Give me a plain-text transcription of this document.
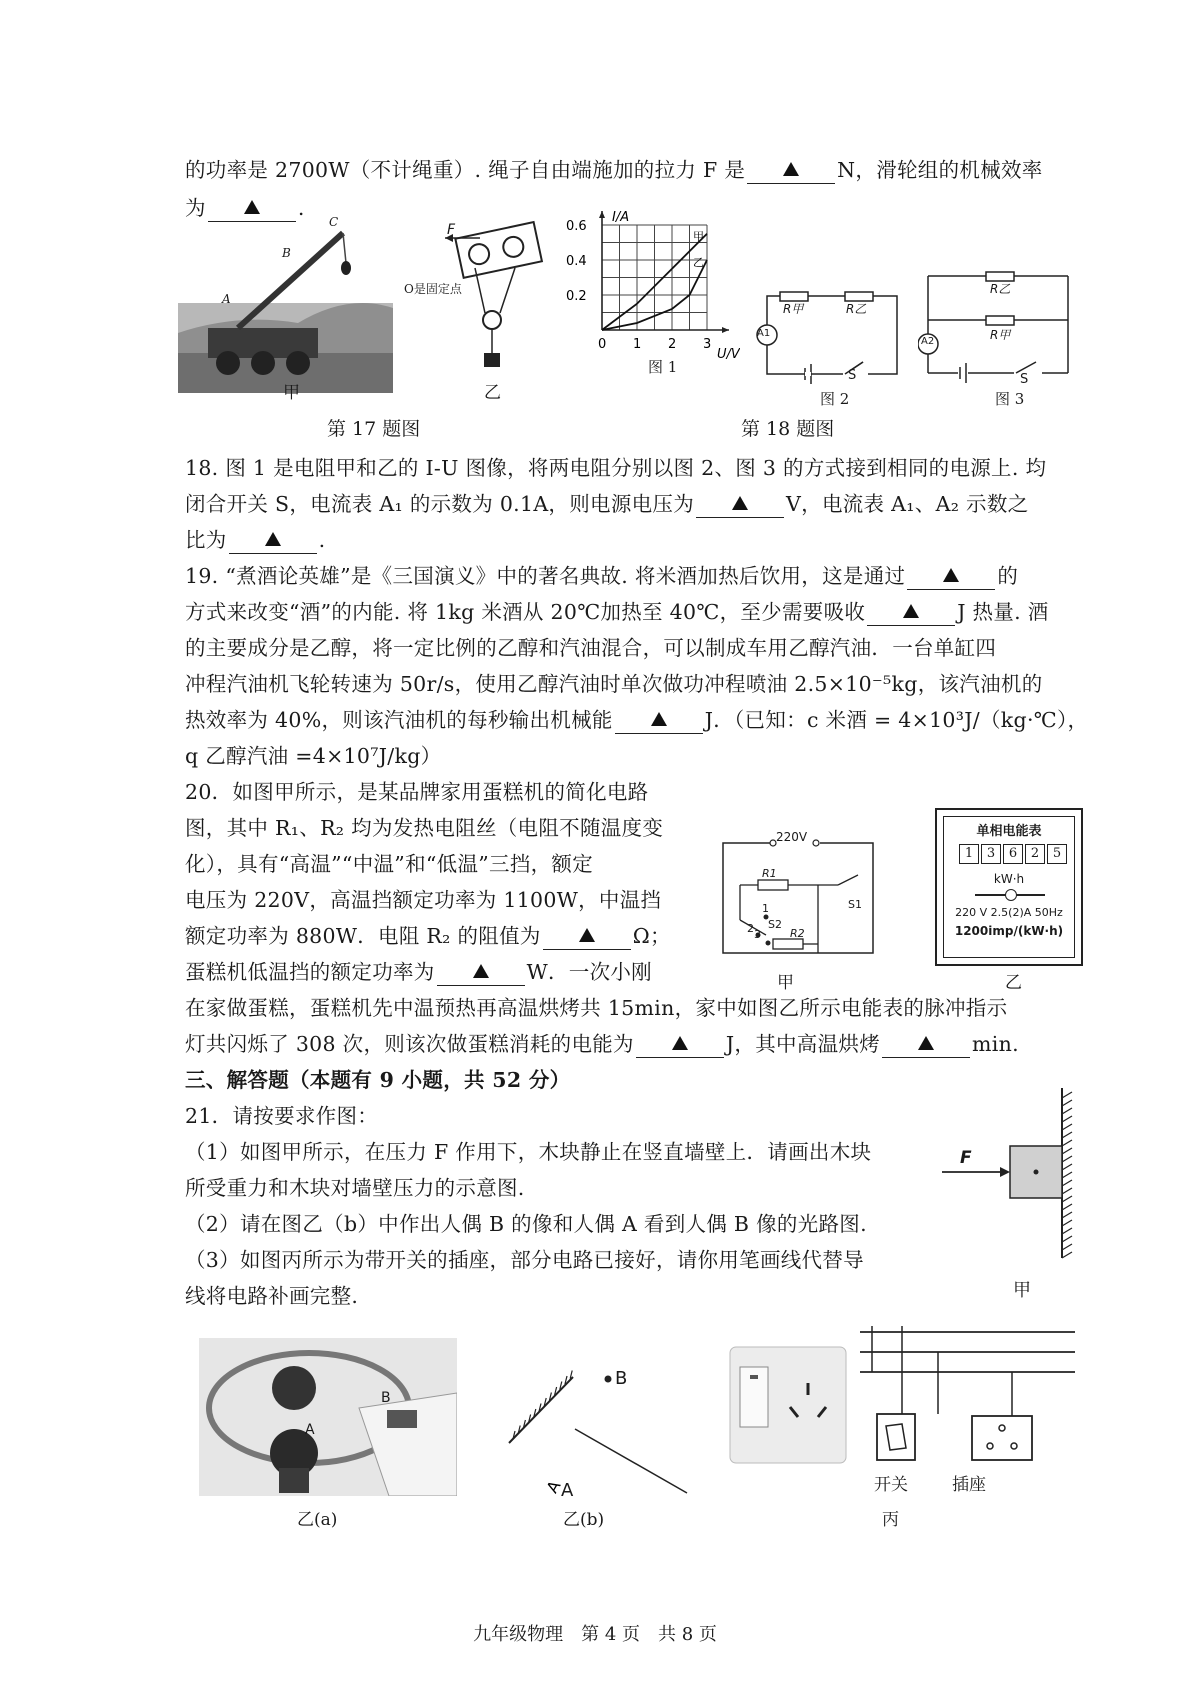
的功率是 2700W（不计绳重）. 绳子自由端施加的拉力 F 是	N，滑轮组的机械效率
为	.
A
B
C
甲
F
O是固定点
乙
第 17 题图
甲
乙
0 1 2 3
0.6
0.4
0.2
I/A
U/V
图 1
R甲	R乙
A1
S
图 2
R乙
R甲
A2
S
图 3
第 18 题图
18. 图 1 是电阻甲和乙的 I-U 图像，将两电阻分别以图 2、图 3 的方式接到相同的电源上. 均
闭合开关 S，电流表 A₁ 的示数为 0.1A，则电源电压为	V，电流表 A₁、A₂ 示数之
比为	.
19. “煮酒论英雄”是《三国演义》中的著名典故. 将米酒加热后饮用，这是通过	的
方式来改变“酒”的内能. 将 1kg 米酒从 20℃加热至 40℃，至少需要吸收	J 热量. 酒
的主要成分是乙醇，将一定比例的乙醇和汽油混合，可以制成车用乙醇汽油．一台单缸四
冲程汽油机飞轮转速为 50r/s，使用乙醇汽油时单次做功冲程喷油 2.5×10⁻⁵kg，该汽油机的
热效率为 40%，则该汽油机的每秒输出机械能	J．（已知：c 米酒 = 4×10³J/（kg·℃），
q 乙醇汽油 =4×10⁷J/kg）
20．如图甲所示，是某品牌家用蛋糕机的简化电路
图，其中 R₁、R₂ 均为发热电阻丝（电阻不随温度变
化），具有“高温”“中温”和“低温”三挡，额定
电压为 220V，高温挡额定功率为 1100W，中温挡
额定功率为 880W．电阻 R₂ 的阻值为	Ω；
蛋糕机低温挡的额定功率为	W．一次小刚
在家做蛋糕，蛋糕机先中温预热再高温烘烤共 15min，家中如图乙所示电能表的脉冲指示
灯共闪烁了 308 次，则该次做蛋糕消耗的电能为	J，其中高温烘烤	min.
220V
R1
R2
S1
S2
1
2 3
甲
单相电能表
1	3	6	2	5
kW·h
220 V 2.5(2)A 50Hz
1200imp/(kW·h)
乙
三、解答题（本题有 9 小题，共 52 分）
21．请按要求作图：
（1）如图甲所示，在压力 F 作用下，木块静止在竖直墙壁上．请画出木块
所受重力和木块对墙壁压力的示意图.
（2）请在图乙（b）中作出人偶 B 的像和人偶 A 看到人偶 B 像的光路图.
（3）如图丙所示为带开关的插座，部分电路已接好，请你用笔画线代替导
线将电路补画完整.
F
甲
B
A
乙(a)
A
B
A
乙(b)
开关	插座
丙
九年级物理　第 4 页　共 8 页
